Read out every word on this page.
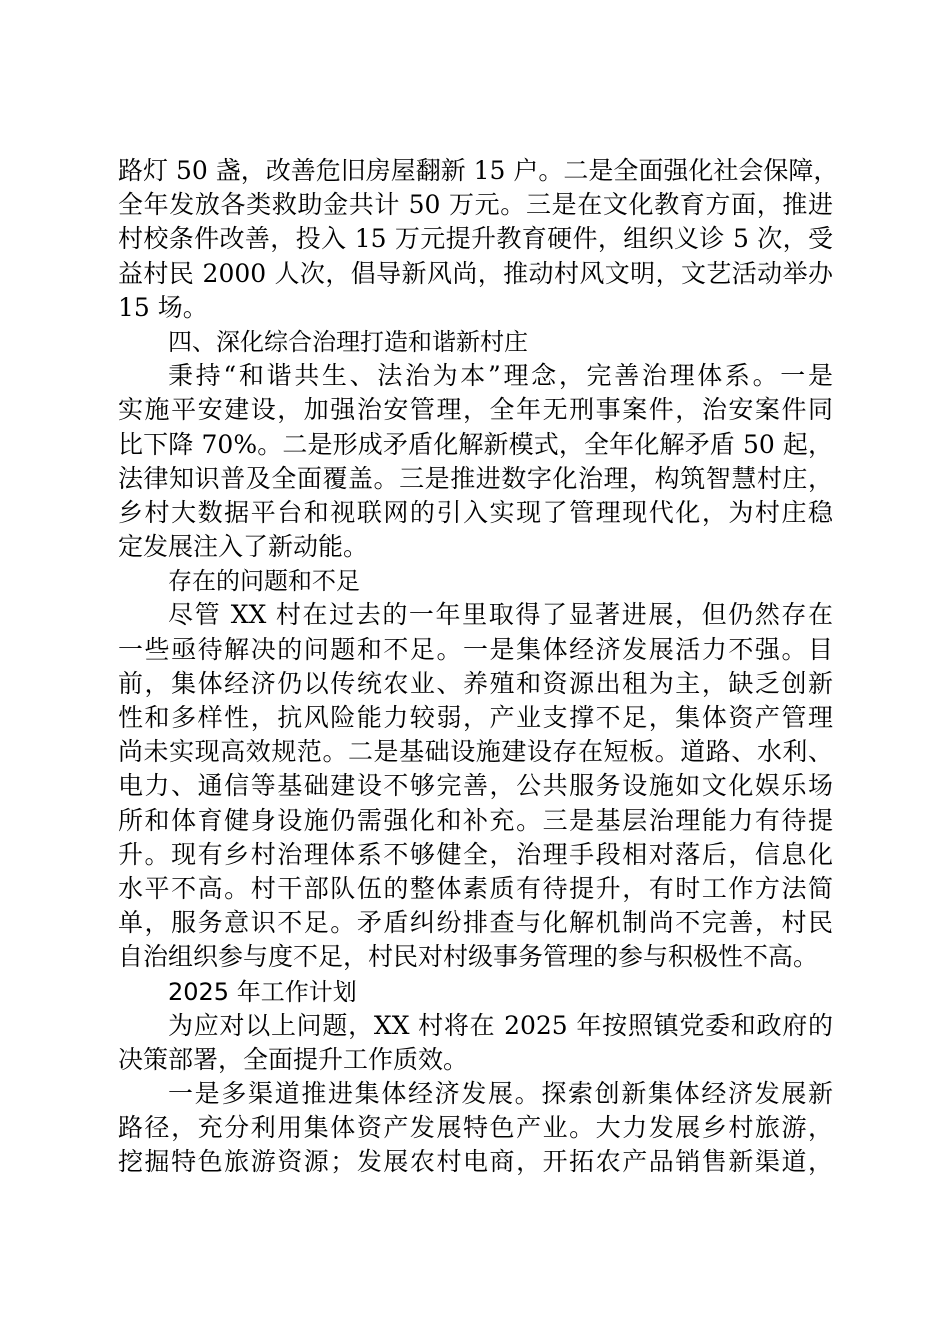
路灯 50 盏，改善危旧房屋翻新 15 户。二是全面强化社会保障，
全年发放各类救助金共计 50 万元。三是在文化教育方面，推进
村校条件改善，投入 15 万元提升教育硬件，组织义诊 5 次，受
益村民 2000 人次，倡导新风尚，推动村风文明，文艺活动举办
15 场。
四、深化综合治理打造和谐新村庄
秉持“和谐共生、法治为本”理念，完善治理体系。一是
实施平安建设，加强治安管理，全年无刑事案件，治安案件同
比下降 70%。二是形成矛盾化解新模式，全年化解矛盾 50 起，
法律知识普及全面覆盖。三是推进数字化治理，构筑智慧村庄，
乡村大数据平台和视联网的引入实现了管理现代化，为村庄稳
定发展注入了新动能。
存在的问题和不足
尽管 XX 村在过去的一年里取得了显著进展，但仍然存在
一些亟待解决的问题和不足。一是集体经济发展活力不强。目
前，集体经济仍以传统农业、养殖和资源出租为主，缺乏创新
性和多样性，抗风险能力较弱，产业支撑不足，集体资产管理
尚未实现高效规范。二是基础设施建设存在短板。道路、水利、
电力、通信等基础建设不够完善，公共服务设施如文化娱乐场
所和体育健身设施仍需强化和补充。三是基层治理能力有待提
升。现有乡村治理体系不够健全，治理手段相对落后，信息化
水平不高。村干部队伍的整体素质有待提升，有时工作方法简
单，服务意识不足。矛盾纠纷排查与化解机制尚不完善，村民
自治组织参与度不足，村民对村级事务管理的参与积极性不高。
2025 年工作计划
为应对以上问题，XX 村将在 2025 年按照镇党委和政府的
决策部署，全面提升工作质效。
一是多渠道推进集体经济发展。探索创新集体经济发展新
路径，充分利用集体资产发展特色产业。大力发展乡村旅游，
挖掘特色旅游资源；发展农村电商，开拓农产品销售新渠道，
